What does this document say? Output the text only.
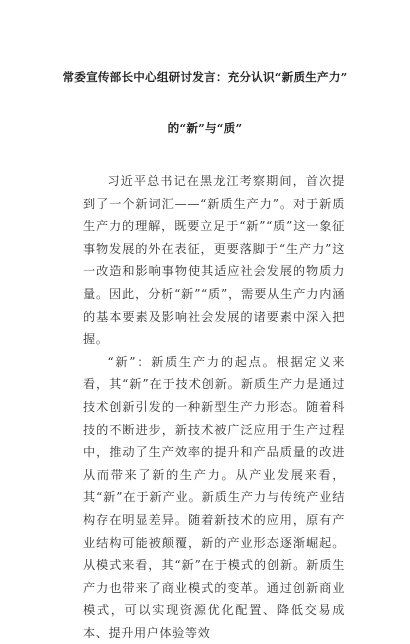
常委宣传部长中心组研讨发言：充分认识“新质生产力”
的“新”与“质”

习近平总书记在黑龙江考察期间，首次提到了一个新词汇——“新质生产力”。对于新质生产力的理解，既要立足于“新”“质”这一象征事物发展的外在表征，更要落脚于“生产力”这一改造和影响事物使其适应社会发展的物质力量。因此，分析“新”“质”，需要从生产力内涵的基本要素及影响社会发展的诸要素中深入把握。

“新”：新质生产力的起点。根据定义来看，其“新”在于技术创新。新质生产力是通过技术创新引发的一种新型生产力形态。随着科技的不断进步，新技术被广泛应用于生产过程中，推动了生产效率的提升和产品质量的改进从而带来了新的生产力。从产业发展来看，其“新”在于新产业。新质生产力与传统产业结构存在明显差异。随着新技术的应用，原有产业结构可能被颠覆，新的产业形态逐渐崛起。从模式来看，其“新”在于模式的创新。新质生产力也带来了商业模式的变革。通过创新商业模式，可以实现资源优化配置、降低交易成本、提升用户体验等效
